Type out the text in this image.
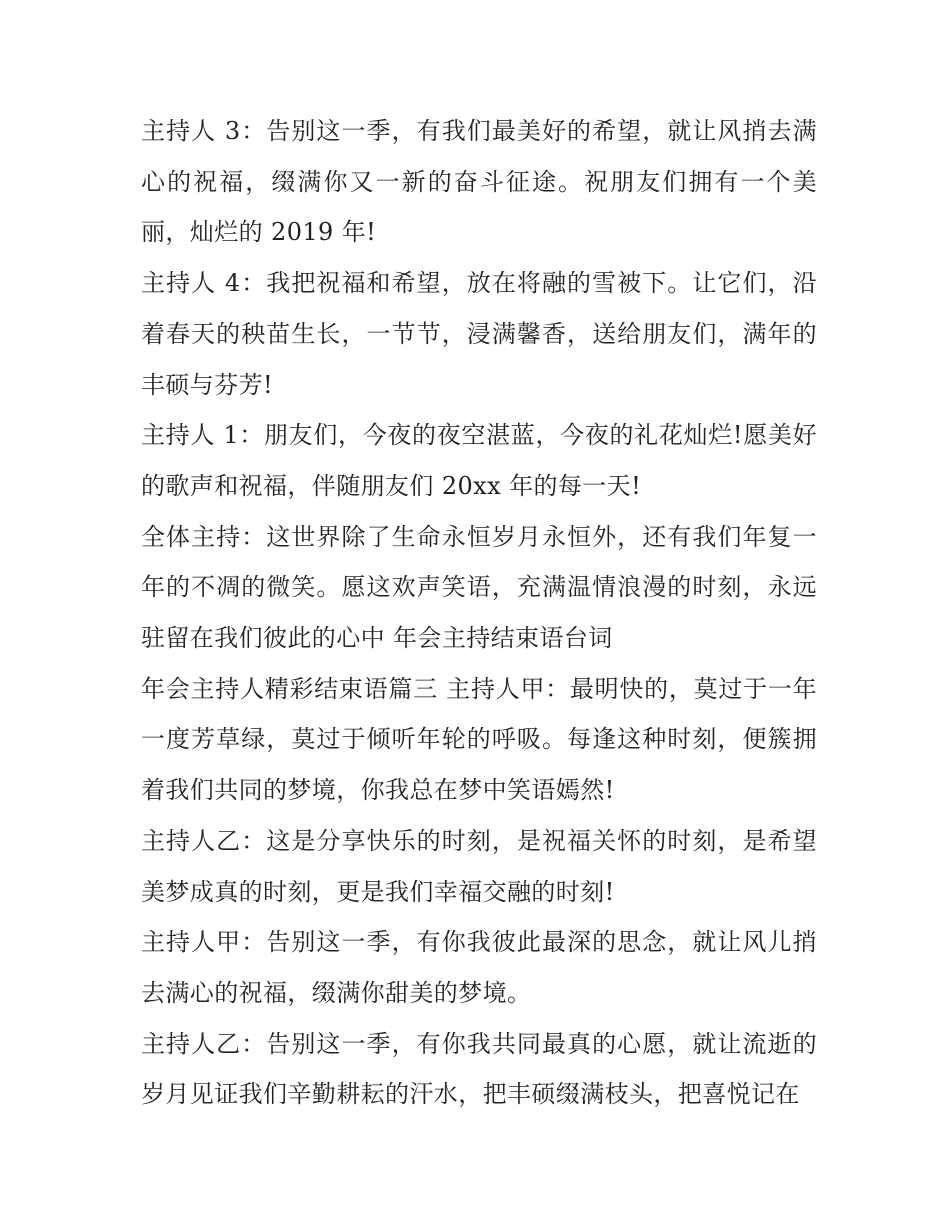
主持人 3：告别这一季，有我们最美好的希望，就让风捎去满心的祝福，缀满你又一新的奋斗征途。祝朋友们拥有一个美丽，灿烂的 2019 年!

主持人 4：我把祝福和希望，放在将融的雪被下。让它们，沿着春天的秧苗生长，一节节，浸满馨香，送给朋友们，满年的丰硕与芬芳!

主持人 1：朋友们，今夜的夜空湛蓝，今夜的礼花灿烂!愿美好的歌声和祝福，伴随朋友们 20xx 年的每一天!

全体主持：这世界除了生命永恒岁月永恒外，还有我们年复一年的不凋的微笑。愿这欢声笑语，充满温情浪漫的时刻，永远驻留在我们彼此的心中 年会主持结束语台词

年会主持人精彩结束语篇三 主持人甲：最明快的，莫过于一年一度芳草绿，莫过于倾听年轮的呼吸。每逢这种时刻，便簇拥着我们共同的梦境，你我总在梦中笑语嫣然!

主持人乙：这是分享快乐的时刻，是祝福关怀的时刻，是希望美梦成真的时刻，更是我们幸福交融的时刻!

主持人甲：告别这一季，有你我彼此最深的思念，就让风儿捎去满心的祝福，缀满你甜美的梦境。

主持人乙：告别这一季，有你我共同最真的心愿，就让流逝的岁月见证我们辛勤耕耘的汗水，把丰硕缀满枝头，把喜悦记在
